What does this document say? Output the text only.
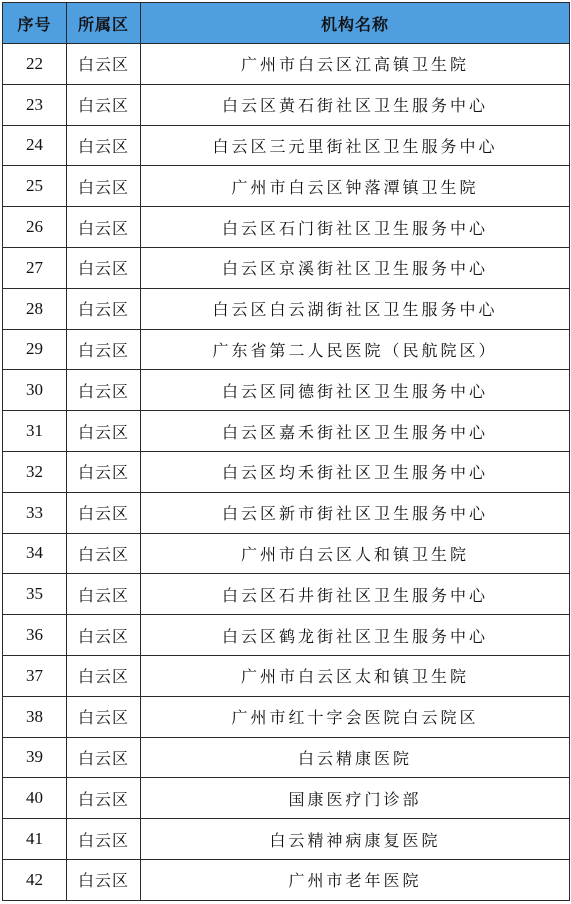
序号	所属区	机构名称
22	白云区	广州市白云区江高镇卫生院
23	白云区	白云区黄石街社区卫生服务中心
24	白云区	白云区三元里街社区卫生服务中心
25	白云区	广州市白云区钟落潭镇卫生院
26	白云区	白云区石门街社区卫生服务中心
27	白云区	白云区京溪街社区卫生服务中心
28	白云区	白云区白云湖街社区卫生服务中心
29	白云区	广东省第二人民医院（民航院区）
30	白云区	白云区同德街社区卫生服务中心
31	白云区	白云区嘉禾街社区卫生服务中心
32	白云区	白云区均禾街社区卫生服务中心
33	白云区	白云区新市街社区卫生服务中心
34	白云区	广州市白云区人和镇卫生院
35	白云区	白云区石井街社区卫生服务中心
36	白云区	白云区鹤龙街社区卫生服务中心
37	白云区	广州市白云区太和镇卫生院
38	白云区	广州市红十字会医院白云院区
39	白云区	白云精康医院
40	白云区	国康医疗门诊部
41	白云区	白云精神病康复医院
42	白云区	广州市老年医院
